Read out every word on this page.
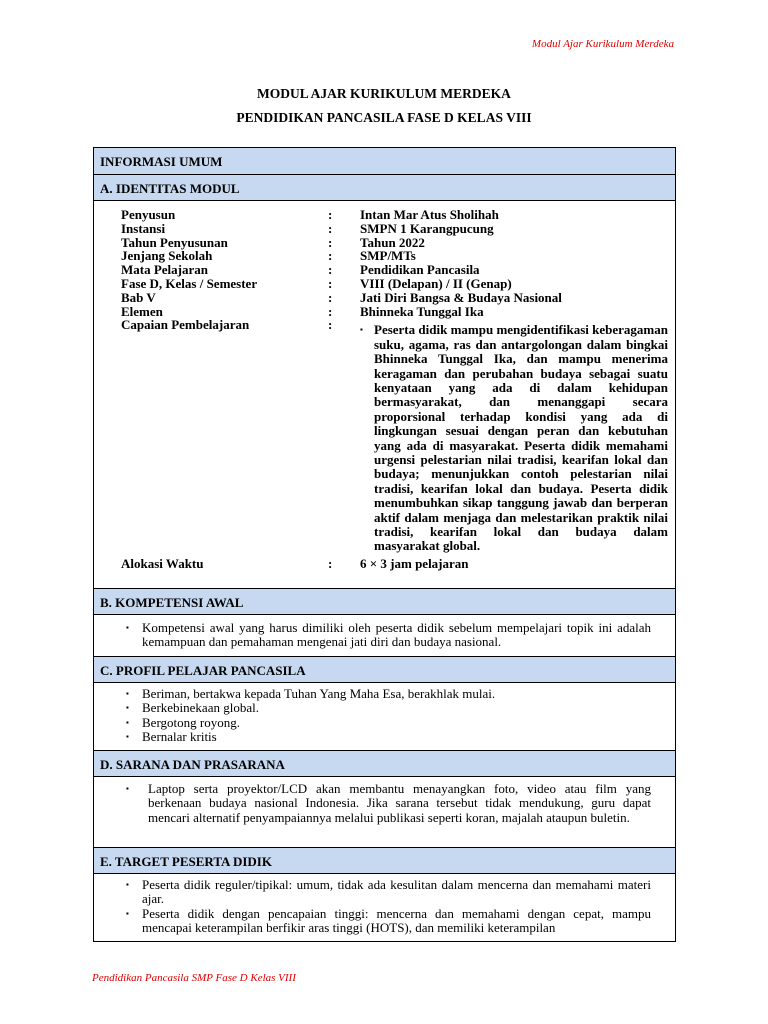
Modul Ajar Kurikulum Merdeka
MODUL AJAR KURIKULUM MERDEKA
PENDIDIKAN PANCASILA FASE D KELAS VIII
INFORMASI UMUM
A. IDENTITAS MODUL
Penyusun	:	Intan Mar Atus Sholihah
Instansi	:	SMPN 1 Karangpucung
Tahun Penyusunan	:	Tahun 2022
Jenjang Sekolah	:	SMP/MTs
Mata Pelajaran	:	Pendidikan Pancasila
Fase D, Kelas / Semester	:	VIII (Delapan) / II (Genap)
Bab V	:	Jati Diri Bangsa & Budaya Nasional
Elemen	:	Bhinneka Tunggal Ika
Capaian Pembelajaran	:	▪ Peserta didik mampu mengidentifikasi keberagaman suku, agama, ras dan antargolongan dalam bingkai Bhinneka Tunggal Ika, dan mampu menerima keragaman dan perubahan budaya sebagai suatu kenyataan yang ada di dalam kehidupan bermasyarakat, dan menanggapi secara proporsional terhadap kondisi yang ada di lingkungan sesuai dengan peran dan kebutuhan yang ada di masyarakat. Peserta didik memahami urgensi pelestarian nilai tradisi, kearifan lokal dan budaya; menunjukkan contoh pelestarian nilai tradisi, kearifan lokal dan budaya. Peserta didik menumbuhkan sikap tanggung jawab dan berperan aktif dalam menjaga dan melestarikan praktik nilai tradisi, kearifan lokal dan budaya dalam masyarakat global.
Alokasi Waktu	:	6 × 3 jam pelajaran
B. KOMPETENSI AWAL
▪ Kompetensi awal yang harus dimiliki oleh peserta didik sebelum mempelajari topik ini adalah kemampuan dan pemahaman mengenai jati diri dan budaya nasional.
C. PROFIL PELAJAR PANCASILA
▪ Beriman, bertakwa kepada Tuhan Yang Maha Esa, berakhlak mulai.
▪ Berkebinekaan global.
▪ Bergotong royong.
▪ Bernalar kritis
D. SARANA DAN PRASARANA
▪ Laptop serta proyektor/LCD akan membantu menayangkan foto, video atau film yang berkenaan budaya nasional Indonesia. Jika sarana tersebut tidak mendukung, guru dapat mencari alternatif penyampaiannya melalui publikasi seperti koran, majalah ataupun buletin.
E. TARGET PESERTA DIDIK
▪ Peserta didik reguler/tipikal: umum, tidak ada kesulitan dalam mencerna dan memahami materi ajar.
▪ Peserta didik dengan pencapaian tinggi: mencerna dan memahami dengan cepat, mampu mencapai keterampilan berfikir aras tinggi (HOTS), dan memiliki keterampilan
Pendidikan Pancasila SMP Fase D Kelas VIII
